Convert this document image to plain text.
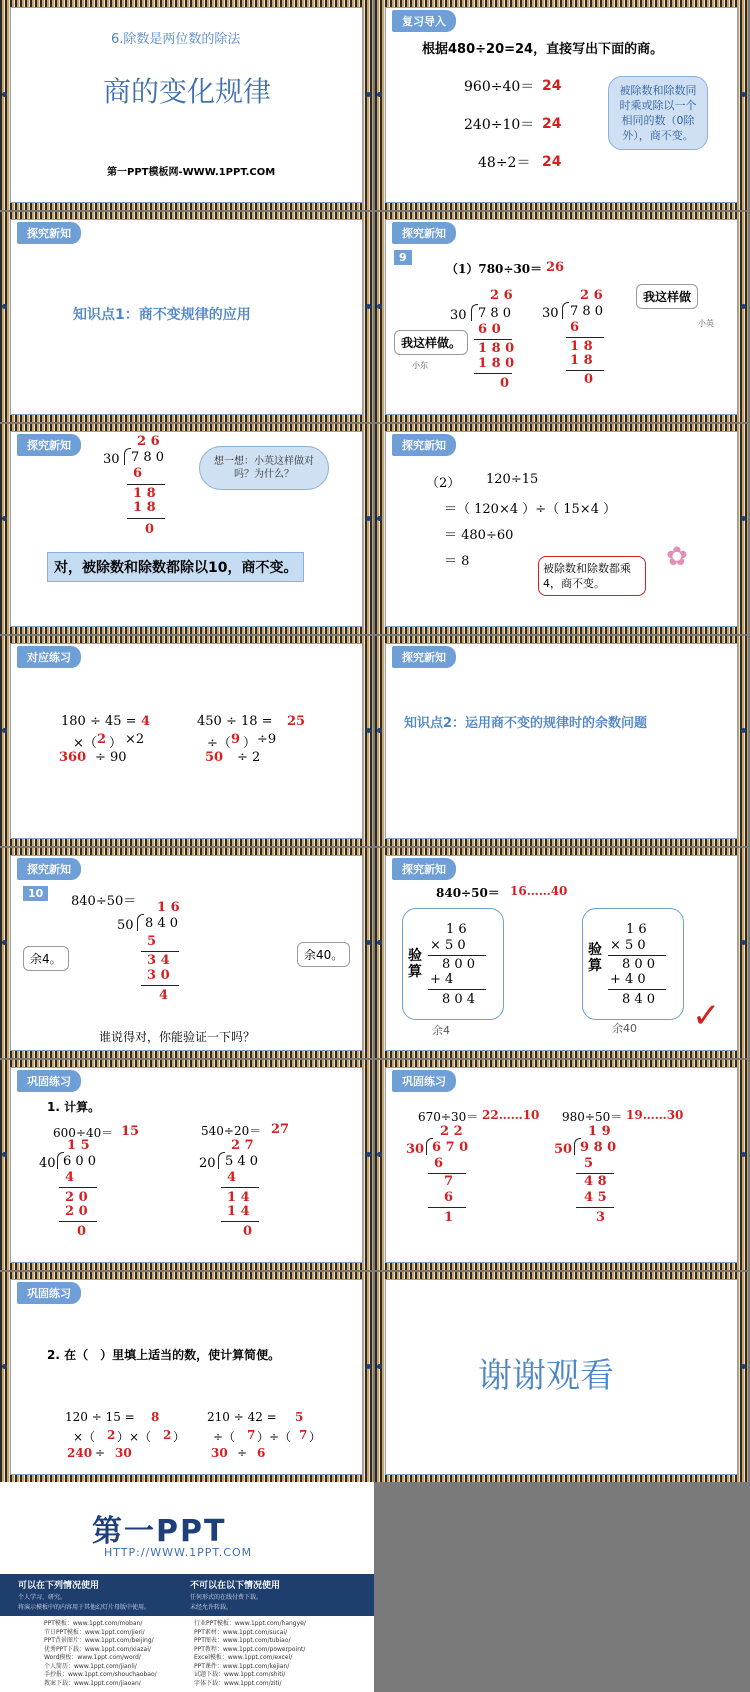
6.除数是两位数的除法
商的变化规律
第一PPT模板网-WWW.1PPT.COM
复习导入
根据480÷20=24，直接写出下面的商。
960÷40＝ 24
240÷10＝ 24
48÷2＝ 24
被除数和除数同时乘或除以一个相同的数（0除外），商不变。
探究新知
知识点1：商不变规律的应用
探究新知
9
（1）780÷30＝ 26
2 6
30 7 8 0
6 0
1 8 0
1 8 0
0
2 6
30 7 8 0
6
1 8
1 8
0
我这样做。
小东
我这样做
小英
探究新知	2 6
30 7 8 0
6
1 8
1 8
0
想一想：小英这样做对吗？为什么？
对，被除数和除数都除以10，商不变。
探究新知
（2） 120÷15
＝（ 120×4 ）÷（ 15×4 ）
＝ 480÷60
＝ 8	被除数和除数都乘4，商不变。
✿
对应练习
180 ÷ 45 = 4
×（ 2 ） ×2
360 ÷ 90
450 ÷ 18 = 25
÷（ 9 ） ÷9
50 ÷ 2
探究新知
知识点2：运用商不变的规律时的余数问题
探究新知
10
840÷50＝ 1 6
50 8 4 0
5
3 4
3 0
4
余4。	余40。
谁说得对，你能验证一下吗？
探究新知
840÷50＝ 16……40
验算
1 6
× 5 0
8 0 0
+ 4
8 0 4
余4
验算
1 6
× 5 0
8 0 0
+ 4 0
8 4 0
余40 ✓
巩固练习
1. 计算。
600÷40＝ 15	540÷20＝ 27
1 5
40 6 0 0
4
2 0
2 0
0
2 7
20 5 4 0
4
1 4
1 4
0
巩固练习
670÷30＝ 22……10 980÷50＝ 19……30
2 2
30 6 7 0
6
7
6
1
1 9
50 9 8 0
5
4 8
4 5
3
巩固练习
2. 在（　）里填上适当的数，使计算简便。
120 ÷ 15 = 8
×（ 2 ）×（ 2 ）
240 ÷ 30
210 ÷ 42 = 5
÷（ 7 ）÷（ 7 ）
30 ÷ 6
谢谢观看
第一PPT
HTTP://WWW.1PPT.COM
可以在下列情况使用
个人学习、研究。
将演示模板中的内容用于其他幻灯片母版中使用。
不可以在以下情况使用
任何形式的在线付费下载。
未经允许转载。
PPT模板：www.1ppt.com/moban/
节日PPT模板：www.1ppt.com/jieri/
PPT背景图片：www.1ppt.com/beijing/
优秀PPT下载：www.1ppt.com/xiazai/
Word模板：www.1ppt.com/word/
个人简历：www.1ppt.com/jianli/
手抄报：www.1ppt.com/shouchaobao/
教案下载：www.1ppt.com/jiaoan/
行业PPT模板：www.1ppt.com/hangye/
PPT素材：www.1ppt.com/sucai/
PPT图表：www.1ppt.com/tubiao/
PPT教程：www.1ppt.com/powerpoint/
Excel模板：www.1ppt.com/excel/
PPT课件：www.1ppt.com/kejian/
试题下载：www.1ppt.com/shiti/
字体下载：www.1ppt.com/ziti/
